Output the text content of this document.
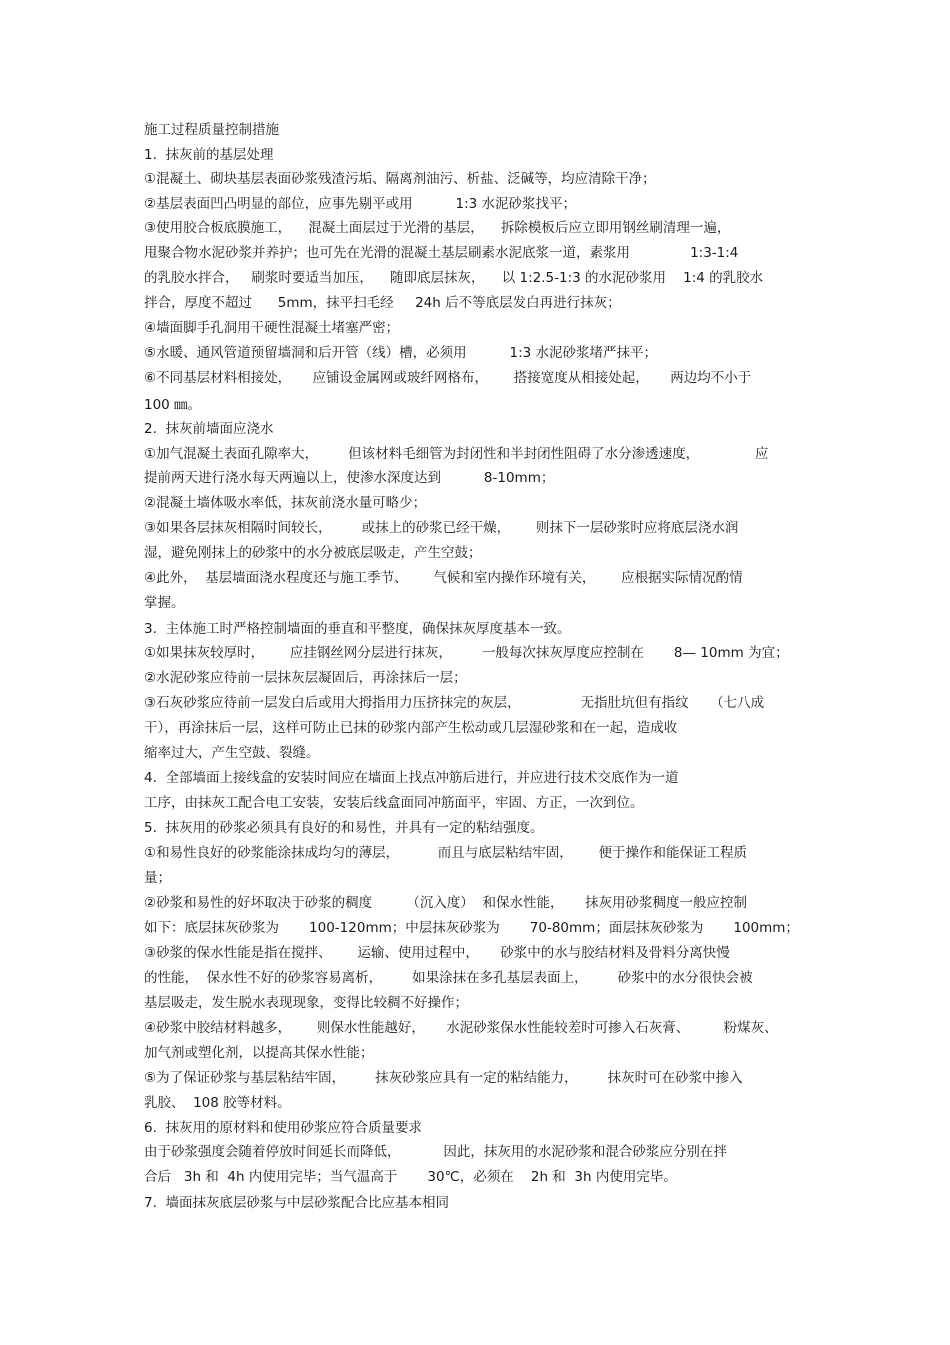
施工过程质量控制措施
1.  抹灰前的基层处理
①混凝土、砌块基层表面砂浆残渣污垢、隔离剂油污、析盐、泛碱等，均应清除干净；
②基层表面凹凸明显的部位，应事先剔平或用          1:3 水泥砂浆找平；
③使用胶合板底膜施工，    混凝土面层过于光滑的基层，    拆除模板后应立即用钢丝刷清理一遍，
甩聚合物水泥砂浆并养护；也可先在光滑的混凝土基层刷素水泥底浆一道，素浆用              1:3-1:4
的乳胶水拌合，   刷浆时要适当加压，    随即底层抹灰，    以 1:2.5-1:3 的水泥砂浆用    1:4 的乳胶水
拌合，厚度不超过      5mm，抹平扫毛经     24h 后不等底层发白再进行抹灰；
④墙面脚手孔洞用干硬性混凝土堵塞严密；
⑤水暖、通风管道预留墙洞和后开管（线）槽，必须用          1:3 水泥砂浆堵严抹平；
⑥不同基层材料相接处，     应铺设金属网或玻纤网格布，      搭接宽度从相接处起，     两边均不小于
100 ㎜。
2.  抹灰前墙面应浇水
①加气混凝土表面孔隙率大，       但该材料毛细管为封闭性和半封闭性阻碍了水分渗透速度，             应
提前两天进行浇水每天两遍以上，使渗水深度达到          8-10mm；
②混凝土墙体吸水率低，抹灰前浇水量可略少；
③如果各层抹灰相隔时间较长，       或抹上的砂浆已经干燥，      则抹下一层砂浆时应将底层浇水润
湿，避免刚抹上的砂浆中的水分被底层吸走，产生空鼓；
④此外，  基层墙面浇水程度还与施工季节、      气候和室内操作环境有关，      应根据实际情况酌情
掌握。
3.  主体施工时严格控制墙面的垂直和平整度，确保抹灰厚度基本一致。
①如果抹灰较厚时，      应挂钢丝网分层进行抹灰，       一般每次抹灰厚度应控制在       8— 10mm 为宜；
②水泥砂浆应待前一层抹灰层凝固后，再涂抹后一层；
③石灰砂浆应待前一层发白后或用大拇指用力压挤抹完的灰层，              无指肚坑但有指纹     （七八成
干），再涂抹后一层，这样可防止已抹的砂浆内部产生松动或几层湿砂浆和在一起，造成收
缩率过大，产生空鼓、裂缝。
4.  全部墙面上接线盒的安装时间应在墙面上找点冲筋后进行，并应进行技术交底作为一道
工序，由抹灰工配合电工安装，安装后线盒面同冲筋面平，牢固、方正，一次到位。
5.  抹灰用的砂浆必须具有良好的和易性，并具有一定的粘结强度。
①和易性良好的砂浆能涂抹成均匀的薄层，         而且与底层粘结牢固，      便于操作和能保证工程质
量；
②砂浆和易性的好坏取决于砂浆的稠度        （沉入度）  和保水性能，     抹灰用砂浆稠度一般应控制
如下：底层抹灰砂浆为       100-120mm；中层抹灰砂浆为       70-80mm；面层抹灰砂浆为       100mm；
③砂浆的保水性能是指在搅拌、      运输、使用过程中，     砂浆中的水与胶结材料及骨料分离快慢
的性能，  保水性不好的砂浆容易离析，       如果涂抹在多孔基层表面上，       砂浆中的水分很快会被
基层吸走，发生脱水表现现象，变得比较稠不好操作；
④砂浆中胶结材料越多，      则保水性能越好，     水泥砂浆保水性能较差时可掺入石灰膏、        粉煤灰、
加气剂或塑化剂，以提高其保水性能；
⑤为了保证砂浆与基层粘结牢固，       抹灰砂浆应具有一定的粘结能力，       抹灰时可在砂浆中掺入
乳胶、  108 胶等材料。
6.  抹灰用的原材料和使用砂浆应符合质量要求
由于砂浆强度会随着停放时间延长而降低，          因此，抹灰用的水泥砂浆和混合砂浆应分别在拌
合后   3h 和  4h 内使用完毕；当气温高于       30℃，必须在    2h 和  3h 内使用完毕。
7.  墙面抹灰底层砂浆与中层砂浆配合比应基本相同
